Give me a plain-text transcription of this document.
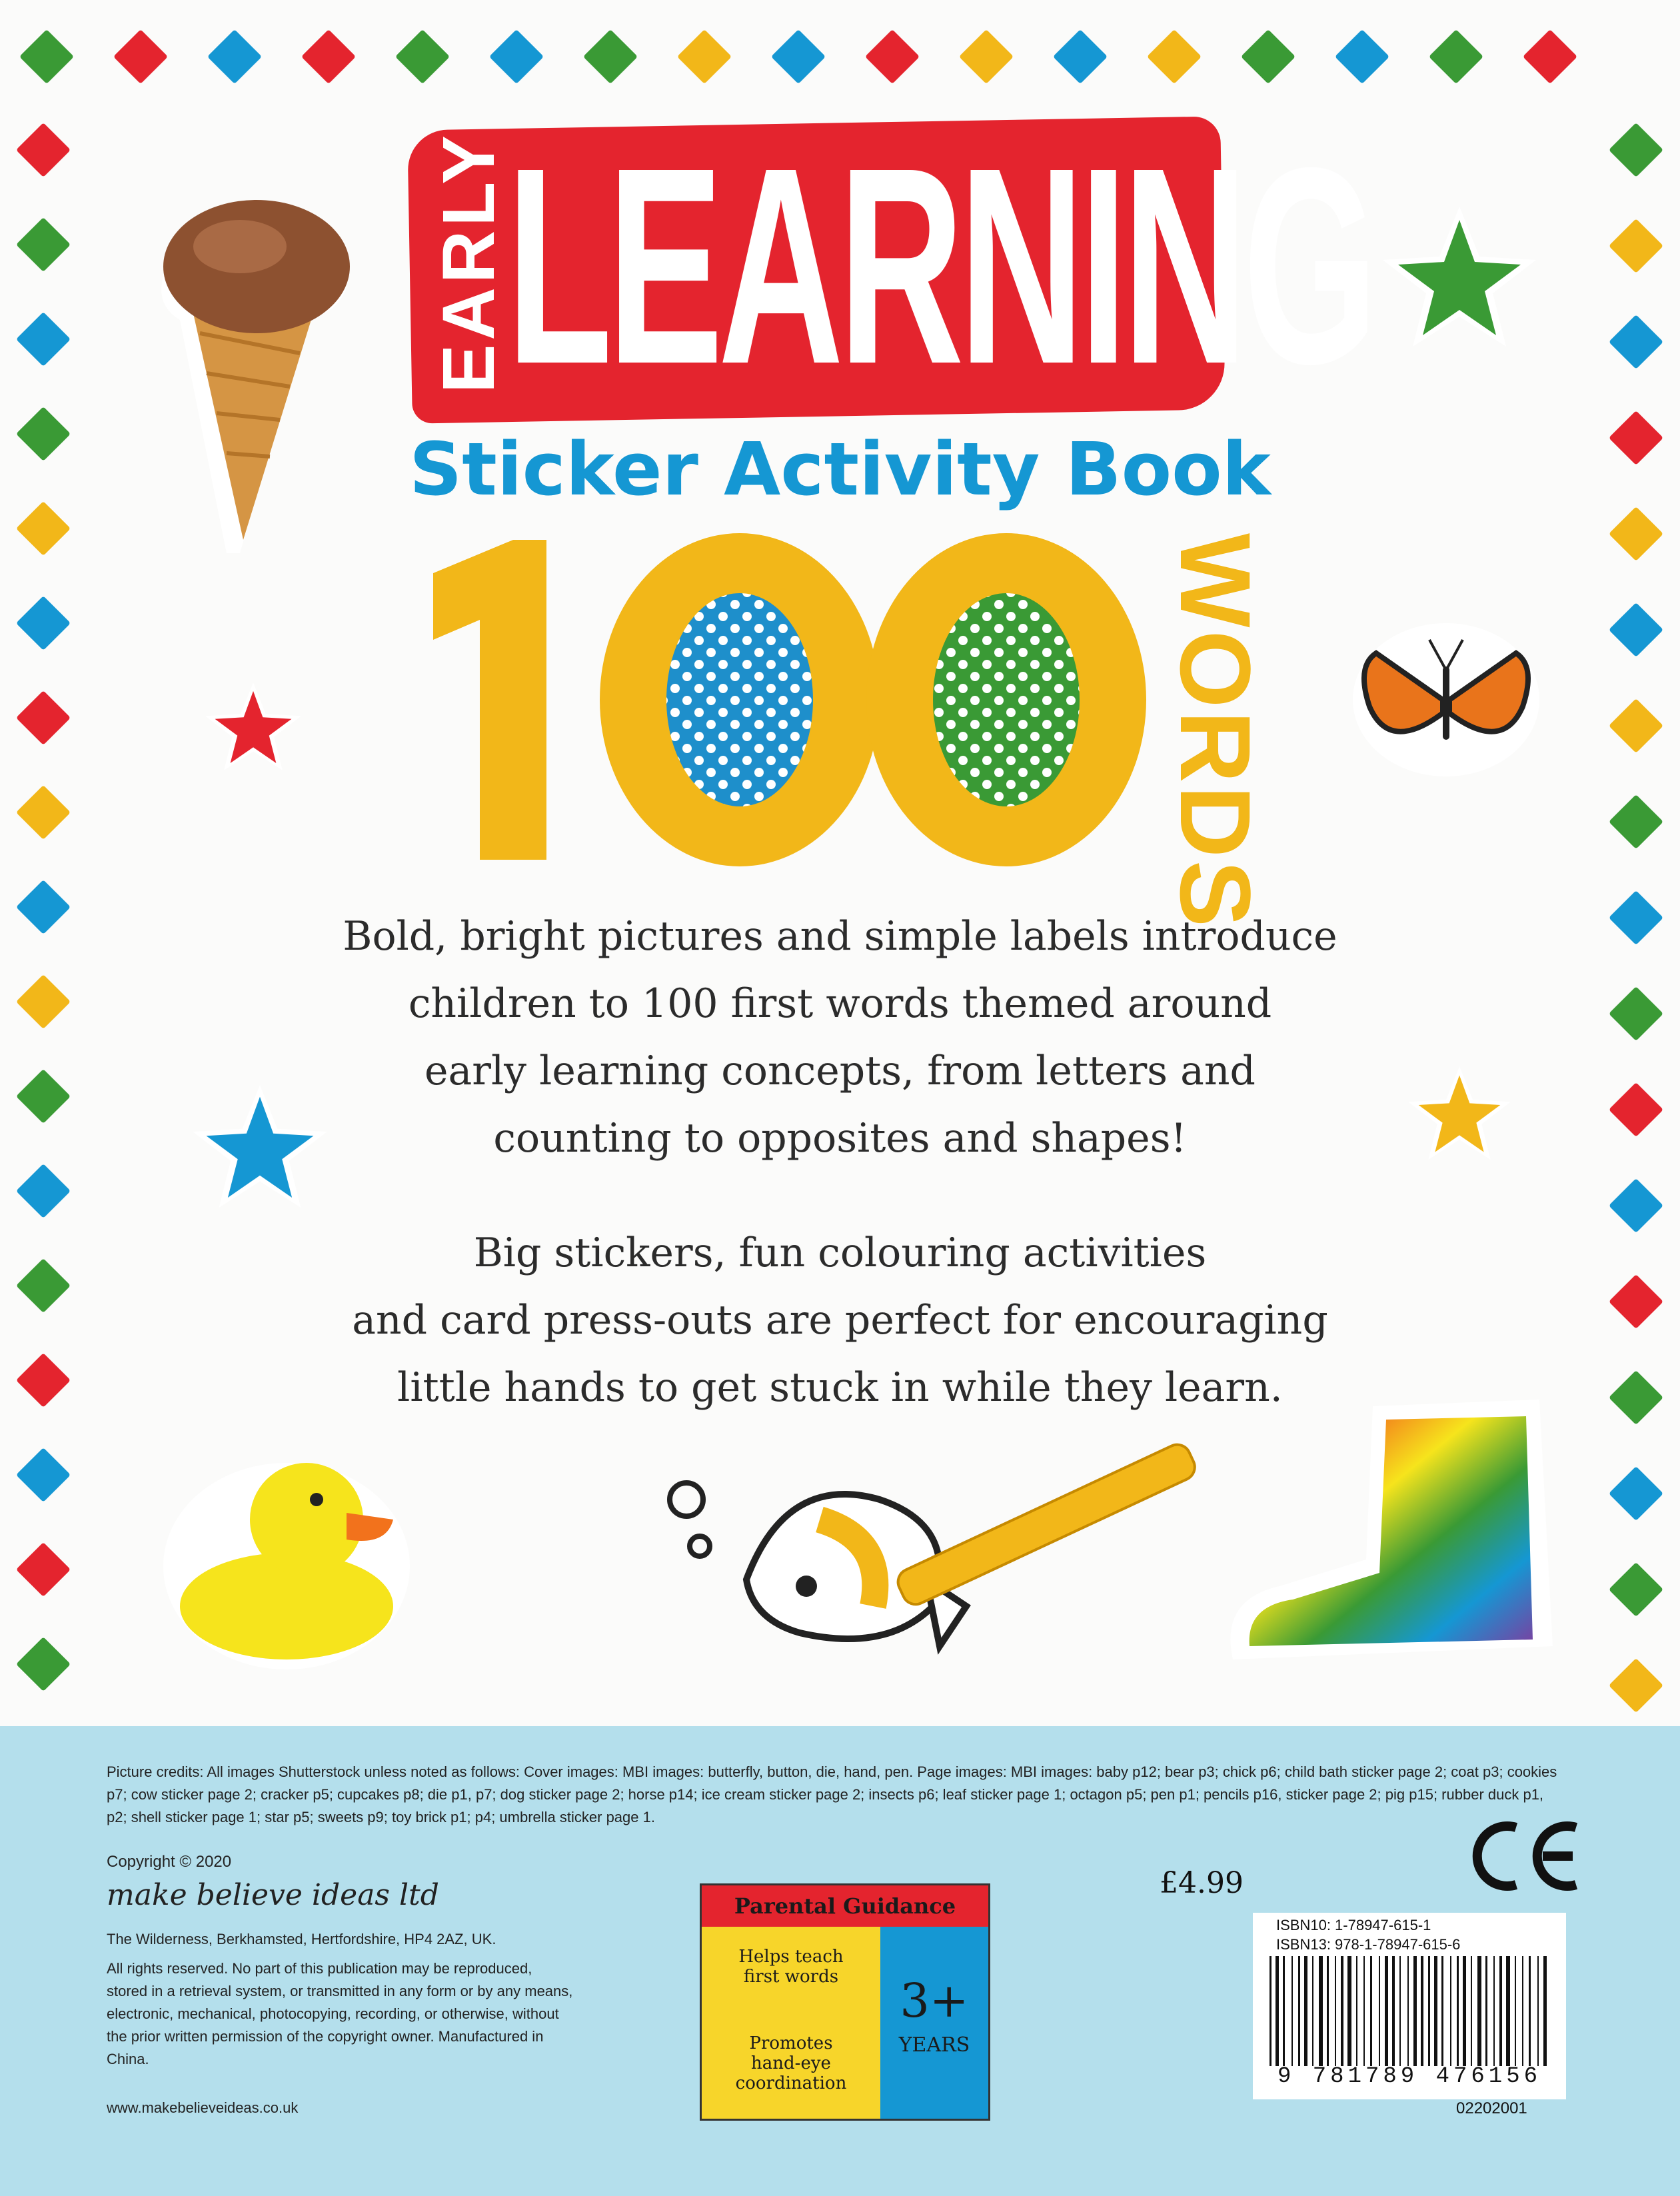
EARLY
LEARNING
Sticker Activity Book
100
WORDS
Bold, bright pictures and simple labels introduce
children to 100 first words themed around
early learning concepts, from letters and
counting to opposites and shapes!
Big stickers, fun colouring activities
and card press-outs are perfect for encouraging
little hands to get stuck in while they learn.
Picture credits: All images Shutterstock unless noted as follows: Cover images: MBI images: butterfly, button, die, hand, pen. Page images: MBI images: baby p12; bear p3; chick p6; child bath sticker page 2; coat p3; cookies p7; cow sticker page 2; cracker p5; cupcakes p8; die p1, p7; dog sticker page 2; horse p14; ice cream sticker page 2; insects p6; leaf sticker page 1; octagon p5; pen p1; pencils p16, sticker page 2; pig p15; rubber duck p1, p2; shell sticker page 1; star p5; sweets p9; toy brick p1; p4; umbrella sticker page 1.
Copyright © 2020
make believe ideas ltd
The Wilderness, Berkhamsted, Hertfordshire, HP4 2AZ, UK.
All rights reserved. No part of this publication may be reproduced, stored in a retrieval system, or transmitted in any form or by any means, electronic, mechanical, photocopying, recording, or otherwise, without the prior written permission of the copyright owner. Manufactured in China.
www.makebelieveideas.co.uk
Parental Guidance
Helps teach first words
Promotes hand-eye coordination
3+
YEARS
£4.99
ISBN10: 1-78947-615-1
ISBN13: 978-1-78947-615-6
9 781789 476156
02202001
